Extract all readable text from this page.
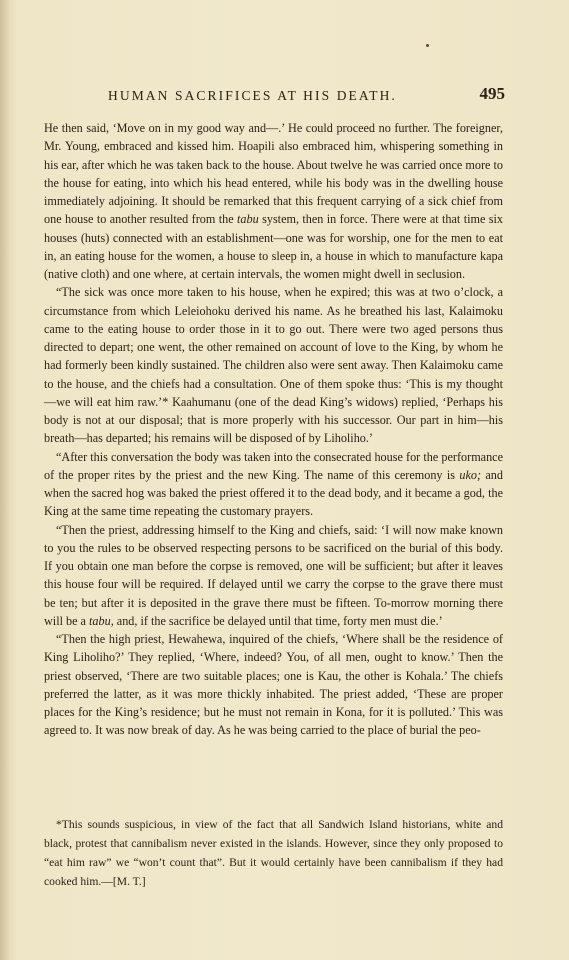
HUMAN SACRIFICES AT HIS DEATH.	495

He then said, ‘Move on in my good way and—.’ He could proceed no further. The foreigner, Mr. Young, embraced and kissed him. Hoapili also embraced him, whispering something in his ear, after which he was taken back to the house. About twelve he was carried once more to the house for eating, into which his head entered, while his body was in the dwelling house immediately adjoining. It should be remarked that this frequent carrying of a sick chief from one house to another resulted from the tabu system, then in force. There were at that time six houses (huts) connected with an establishment—one was for worship, one for the men to eat in, an eating house for the women, a house to sleep in, a house in which to manufacture kapa (native cloth) and one where, at certain intervals, the women might dwell in seclusion.

“The sick was once more taken to his house, when he expired; this was at two o’clock, a circumstance from which Leleiohoku derived his name. As he breathed his last, Kalaimoku came to the eating house to order those in it to go out. There were two aged persons thus directed to depart; one went, the other remained on account of love to the King, by whom he had formerly been kindly sustained. The children also were sent away. Then Kalaimoku came to the house, and the chiefs had a consultation. One of them spoke thus: ‘This is my thought—we will eat him raw.’* Kaahumanu (one of the dead King’s widows) replied, ‘Perhaps his body is not at our disposal; that is more properly with his successor. Our part in him—his breath—has departed; his remains will be disposed of by Liholiho.’

“After this conversation the body was taken into the consecrated house for the performance of the proper rites by the priest and the new King. The name of this ceremony is uko; and when the sacred hog was baked the priest offered it to the dead body, and it became a god, the King at the same time repeating the customary prayers.

“Then the priest, addressing himself to the King and chiefs, said: ‘I will now make known to you the rules to be observed respecting persons to be sacrificed on the burial of this body. If you obtain one man before the corpse is removed, one will be sufficient; but after it leaves this house four will be required. If delayed until we carry the corpse to the grave there must be ten; but after it is deposited in the grave there must be fifteen. To-morrow morning there will be a tabu, and, if the sacrifice be delayed until that time, forty men must die.’

“Then the high priest, Hewahewa, inquired of the chiefs, ‘Where shall be the residence of King Liholiho?’ They replied, ‘Where, indeed? You, of all men, ought to know.’ Then the priest observed, ‘There are two suitable places; one is Kau, the other is Kohala.’ The chiefs preferred the latter, as it was more thickly inhabited. The priest added, ‘These are proper places for the King’s residence; but he must not remain in Kona, for it is polluted.’ This was agreed to. It was now break of day. As he was being carried to the place of burial the peo-

*This sounds suspicious, in view of the fact that all Sandwich Island historians, white and black, protest that cannibalism never existed in the islands. However, since they only proposed to “eat him raw” we “won’t count that”. But it would certainly have been cannibalism if they had cooked him.—[M. T.]
